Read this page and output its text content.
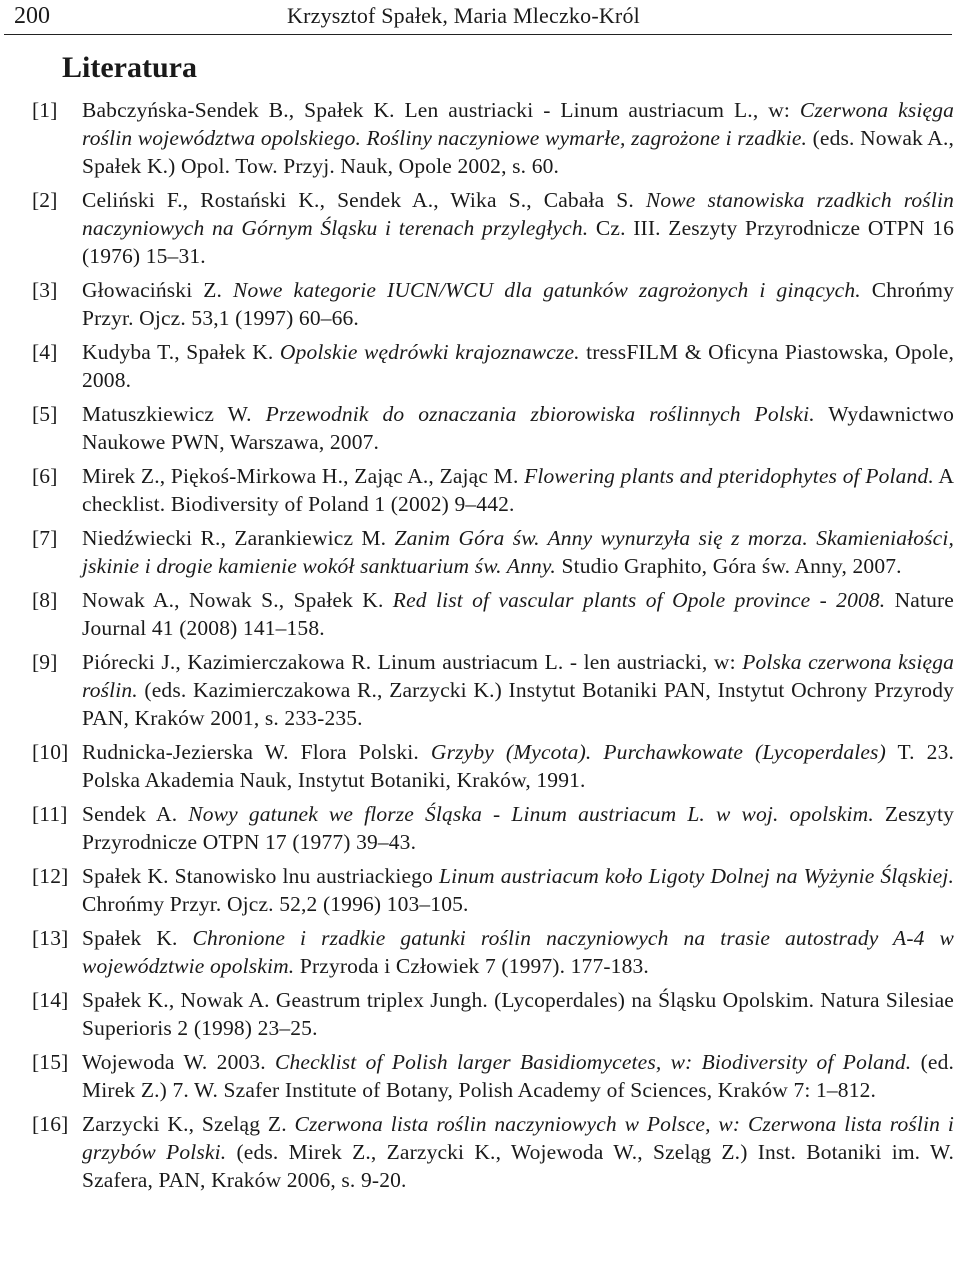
200	Krzysztof Spałek, Maria Mleczko-Król
Literatura
[1] Babczyńska-Sendek B., Spałek K. Len austriacki - Linum austriacum L., w: Czerwona księga roślin województwa opolskiego. Rośliny naczyniowe wymarłe, zagrożone i rzadkie. (eds. Nowak A., Spałek K.) Opol. Tow. Przyj. Nauk, Opole 2002, s. 60.
[2] Celiński F., Rostański K., Sendek A., Wika S., Cabała S. Nowe stanowiska rzadkich roślin naczyniowych na Górnym Śląsku i terenach przyległych. Cz. III. Zeszyty Przyrodnicze OTPN 16 (1976) 15–31.
[3] Głowaciński Z. Nowe kategorie IUCN/WCU dla gatunków zagrożonych i ginących. Chrońmy Przyr. Ojcz. 53,1 (1997) 60–66.
[4] Kudyba T., Spałek K. Opolskie wędrówki krajoznawcze. tressFILM & Oficyna Piastowska, Opole, 2008.
[5] Matuszkiewicz W. Przewodnik do oznaczania zbiorowiska roślinnych Polski. Wydawnictwo Naukowe PWN, Warszawa, 2007.
[6] Mirek Z., Piękoś-Mirkowa H., Zając A., Zając M. Flowering plants and pteridophytes of Poland. A checklist. Biodiversity of Poland 1 (2002) 9–442.
[7] Niedźwiecki R., Zarankiewicz M. Zanim Góra św. Anny wynurzyła się z morza. Skamieniałości, jskinie i drogie kamienie wokół sanktuarium św. Anny. Studio Graphito, Góra św. Anny, 2007.
[8] Nowak A., Nowak S., Spałek K. Red list of vascular plants of Opole province - 2008. Nature Journal 41 (2008) 141–158.
[9] Piórecki J., Kazimierczakowa R. Linum austriacum L. - len austriacki, w: Polska czerwona księga roślin. (eds. Kazimierczakowa R., Zarzycki K.) Instytut Botaniki PAN, Instytut Ochrony Przyrody PAN, Kraków 2001, s. 233-235.
[10] Rudnicka-Jezierska W. Flora Polski. Grzyby (Mycota). Purchawkowate (Lycoperdales) T. 23. Polska Akademia Nauk, Instytut Botaniki, Kraków, 1991.
[11] Sendek A. Nowy gatunek we florze Śląska - Linum austriacum L. w woj. opolskim. Zeszyty Przyrodnicze OTPN 17 (1977) 39–43.
[12] Spałek K. Stanowisko lnu austriackiego Linum austriacum koło Ligoty Dolnej na Wyżynie Śląskiej. Chrońmy Przyr. Ojcz. 52,2 (1996) 103–105.
[13] Spałek K. Chronione i rzadkie gatunki roślin naczyniowych na trasie autostrady A-4 w województwie opolskim. Przyroda i Człowiek 7 (1997). 177-183.
[14] Spałek K., Nowak A. Geastrum triplex Jungh. (Lycoperdales) na Śląsku Opolskim. Natura Silesiae Superioris 2 (1998) 23–25.
[15] Wojewoda W. 2003. Checklist of Polish larger Basidiomycetes, w: Biodiversity of Poland. (ed. Mirek Z.) 7. W. Szafer Institute of Botany, Polish Academy of Sciences, Kraków 7: 1–812.
[16] Zarzycki K., Szeląg Z. Czerwona lista roślin naczyniowych w Polsce, w: Czerwona lista roślin i grzybów Polski. (eds. Mirek Z., Zarzycki K., Wojewoda W., Szeląg Z.) Inst. Botaniki im. W. Szafera, PAN, Kraków 2006, s. 9-20.
